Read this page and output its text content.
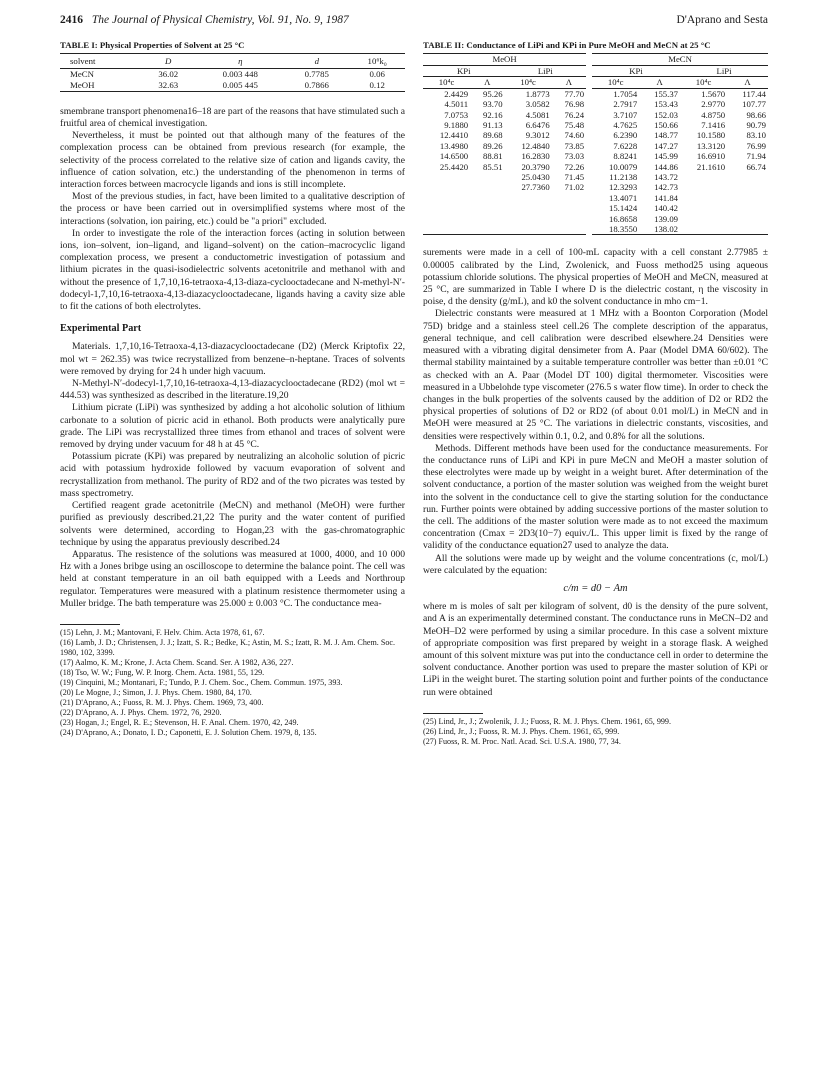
2416 The Journal of Physical Chemistry, Vol. 91, No. 9, 1987	D'Aprano and Sesta
TABLE I: Physical Properties of Solvent at 25 °C
solvent	D	η	d	10⁶k₀
MeCN	36.02	0.003 448	0.7785	0.06
MeOH	32.63	0.005 445	0.7866	0.12

smembrane transport phenomena16–18 are part of the reasons that have stimulated such a fruitful area of chemical investigation.

Nevertheless, it must be pointed out that although many of the features of the complexation process can be obtained from previous research (for example, the selectivity of the process correlated to the relative size of cation and ligands cavity, the influence of cation solvation, etc.) the understanding of the phenomenon in terms of interaction forces between macrocycle ligands and ions is still incomplete.

Most of the previous studies, in fact, have been limited to a qualitative description of the process or have been carried out in oversimplified systems where most of the interactions (solvation, ion pairing, etc.) could be "a priori" excluded.

In order to investigate the role of the interaction forces (acting in solution between ions, ion–solvent, ion–ligand, and ligand–solvent) on the cation–macrocyclic ligand complexation process, we present a conductometric investigation of potassium and lithium picrates in the quasi-isodielectric solvents acetonitrile and methanol with and without the presence of 1,7,10,16-tetraoxa-4,13-diaza-cyclooctadecane and N-methyl-N′-dodecyl-1,7,10,16-tetraoxa-4,13-diazacyclooctadecane, ligands having a cavity size able to fit the cations of both electrolytes.

Experimental Part

Materials. 1,7,10,16-Tetraoxa-4,13-diazacyclooctadecane (D2) (Merck Kriptofix 22, mol wt = 262.35) was twice recrystallized from benzene–n-heptane. Traces of solvents were removed by drying for 24 h under high vacuum.

N-Methyl-N′-dodecyl-1,7,10,16-tetraoxa-4,13-diazacyclooctadecane (RD2) (mol wt = 444.53) was synthesized as described in the literature.19,20

Lithium picrate (LiPi) was synthesized by adding a hot alcoholic solution of lithium carbonate to a solution of picric acid in ethanol. Both products were analytically pure grade. The LiPi was recrystallized three times from ethanol and traces of solvent were removed by drying under vacuum for 48 h at 45 °C.

Potassium picrate (KPi) was prepared by neutralizing an alcoholic solution of picric acid with potassium hydroxide followed by vacuum evaporation of solvent and recrystallization from methanol. The purity of RD2 and of the two picrates was tested by mass spectrometry.

Certified reagent grade acetonitrile (MeCN) and methanol (MeOH) were further purified as previously described.21,22 The purity and the water content of purified solvents were determined, according to Hogan,23 with the gas-chromatographic technique by using the apparatus previously described.24

Apparatus. The resistence of the solutions was measured at 1000, 4000, and 10 000 Hz with a Jones bribge using an oscilloscope to determine the balance point. The cell was held at constant temperature in an oil bath equipped with a Leeds and Northroup regulator. Temperatures were measured with a platinum resistence thermometer using a Muller bridge. The bath temperature was 25.000 ± 0.003 °C. The conductance mea-

(15) Lehn, J. M.; Mantovani, F. Helv. Chim. Acta 1978, 61, 67.
(16) Lamb, J. D.; Christensen, J. J.; Izatt, S. R.; Bedke, K.; Astin, M. S.; Izatt, R. M. J. Am. Chem. Soc. 1980, 102, 3399.
(17) Aalmo, K. M.; Krone, J. Acta Chem. Scand. Ser. A 1982, A36, 227.
(18) Tso, W. W.; Fung, W. P. Inorg. Chem. Acta. 1981, 55, 129.
(19) Cinquini, M.; Montanari, F.; Tundo, P. J. Chem. Soc., Chem. Commun. 1975, 393.
(20) Le Mogne, J.; Simon, J. J. Phys. Chem. 1980, 84, 170.
(21) D'Aprano, A.; Fuoss, R. M. J. Phys. Chem. 1969, 73, 400.
(22) D'Aprano, A. J. Phys. Chem. 1972, 76, 2920.
(23) Hogan, J.; Engel, R. E.; Stevenson, H. F. Anal. Chem. 1970, 42, 249.
(24) D'Aprano, A.; Donato, I. D.; Caponetti, E. J. Solution Chem. 1979, 8, 135.
TABLE II: Conductance of LiPi and KPi in Pure MeOH and MeCN at 25 °C
MeOH					MeCN			
KPi		LiPi			KPi		LiPi	
10⁴c	Λ	10⁴c	Λ		10⁴c	Λ	10⁴c	Λ
2.4429	95.26	1.8773	77.70		1.7054	155.37	1.5670	117.44
4.5011	93.70	3.0582	76.98		2.7917	153.43	2.9770	107.77
7.0753	92.16	4.5081	76.24		3.7107	152.03	4.8750	98.66
9.1880	91.13	6.6476	75.48		4.7625	150.66	7.1416	90.79
12.4410	89.68	9.3012	74.60		6.2390	148.77	10.1580	83.10
13.4980	89.26	12.4840	73.85		7.6228	147.27	13.3120	76.99
14.6500	88.81	16.2830	73.03		8.8241	145.99	16.6910	71.94
25.4420	85.51	20.3790	72.26		10.0079	144.86	21.1610	66.74
		25.0430	71.45		11.2138	143.72		
		27.7360	71.02		12.3293	142.73		
					13.4071	141.84		
					15.1424	140.42		
					16.8658	139.09		
					18.3550	138.02		

surements were made in a cell of 100-mL capacity with a cell constant 2.77985 ± 0.00005 calibrated by the Lind, Zwolenick, and Fuoss method25 using aqueous potassium chloride solutions. The physical properties of MeOH and MeCN, measured at 25 °C, are summarized in Table I where D is the dielectric costant, η the viscosity in poise, d the density (g/mL), and k0 the solvent conductance in mho cm−1.

Dielectric constants were measured at 1 MHz with a Boonton Corporation (Model 75D) bridge and a stainless steel cell.26 The complete description of the apparatus, general technique, and cell calibration were described elsewhere.24 Densities were measured with a vibrating digital densimeter from A. Paar (Model DMA 60/602). The thermal stability maintained by a suitable temperature controller was better than ±0.01 °C as checked with an A. Paar (Model DT 100) digital thermometer. Viscosities were measured in a Ubbelohde type viscometer (276.5 s water flow time). In order to check the changes in the bulk properties of the solvents caused by the addition of D2 or RD2 the physical properties of solutions of D2 or RD2 (of about 0.01 mol/L) in MeCN and in MeOH were measured at 25 °C. The variations in dielectric constants, viscosities, and densities were respectively within 0.1, 0.2, and 0.8% for all the solutions.

Methods. Different methods have been used for the conductance measurements. For the conductance runs of LiPi and KPi in pure MeCN and MeOH a master solution of these electrolytes were made up by weight in a weight buret. After determination of the solvent conductance, a portion of the master solution was weighed from the weight buret into the solvent in the conductance cell to give the starting solution for the conductance run. Further points were obtained by adding successive portions of the master solution to the cell. The additions of the master solution were made as to not exceed the maximum concentration (Cmax = 2D3(10−7) equiv./L. This upper limit is fixed by the range of validity of the conductance equation27 used to analyze the data.

All the solutions were made up by weight and the volume concentrations (c, mol/L) were calculated by the equation:

c/m = d0 − Am

where m is moles of salt per kilogram of solvent, d0 is the density of the pure solvent, and A is an experimentally determined constant. The conductance runs in MeCN–D2 and MeOH–D2 were performed by using a similar procedure. In this case a solvent mixture of appropriate composition was first prepared by weight in a storage flask. A weighed amount of this solvent mixture was put into the conductance cell in order to determine the solvent conductance. Another portion was used to prepare the master solution of KPi or LiPi in the weight buret. The starting solution point and further points of the conductance run were obtained

(25) Lind, Jr., J.; Zwolenik, J. J.; Fuoss, R. M. J. Phys. Chem. 1961, 65, 999.
(26) Lind, Jr., J.; Fuoss, R. M. J. Phys. Chem. 1961, 65, 999.
(27) Fuoss, R. M. Proc. Natl. Acad. Sci. U.S.A. 1980, 77, 34.
